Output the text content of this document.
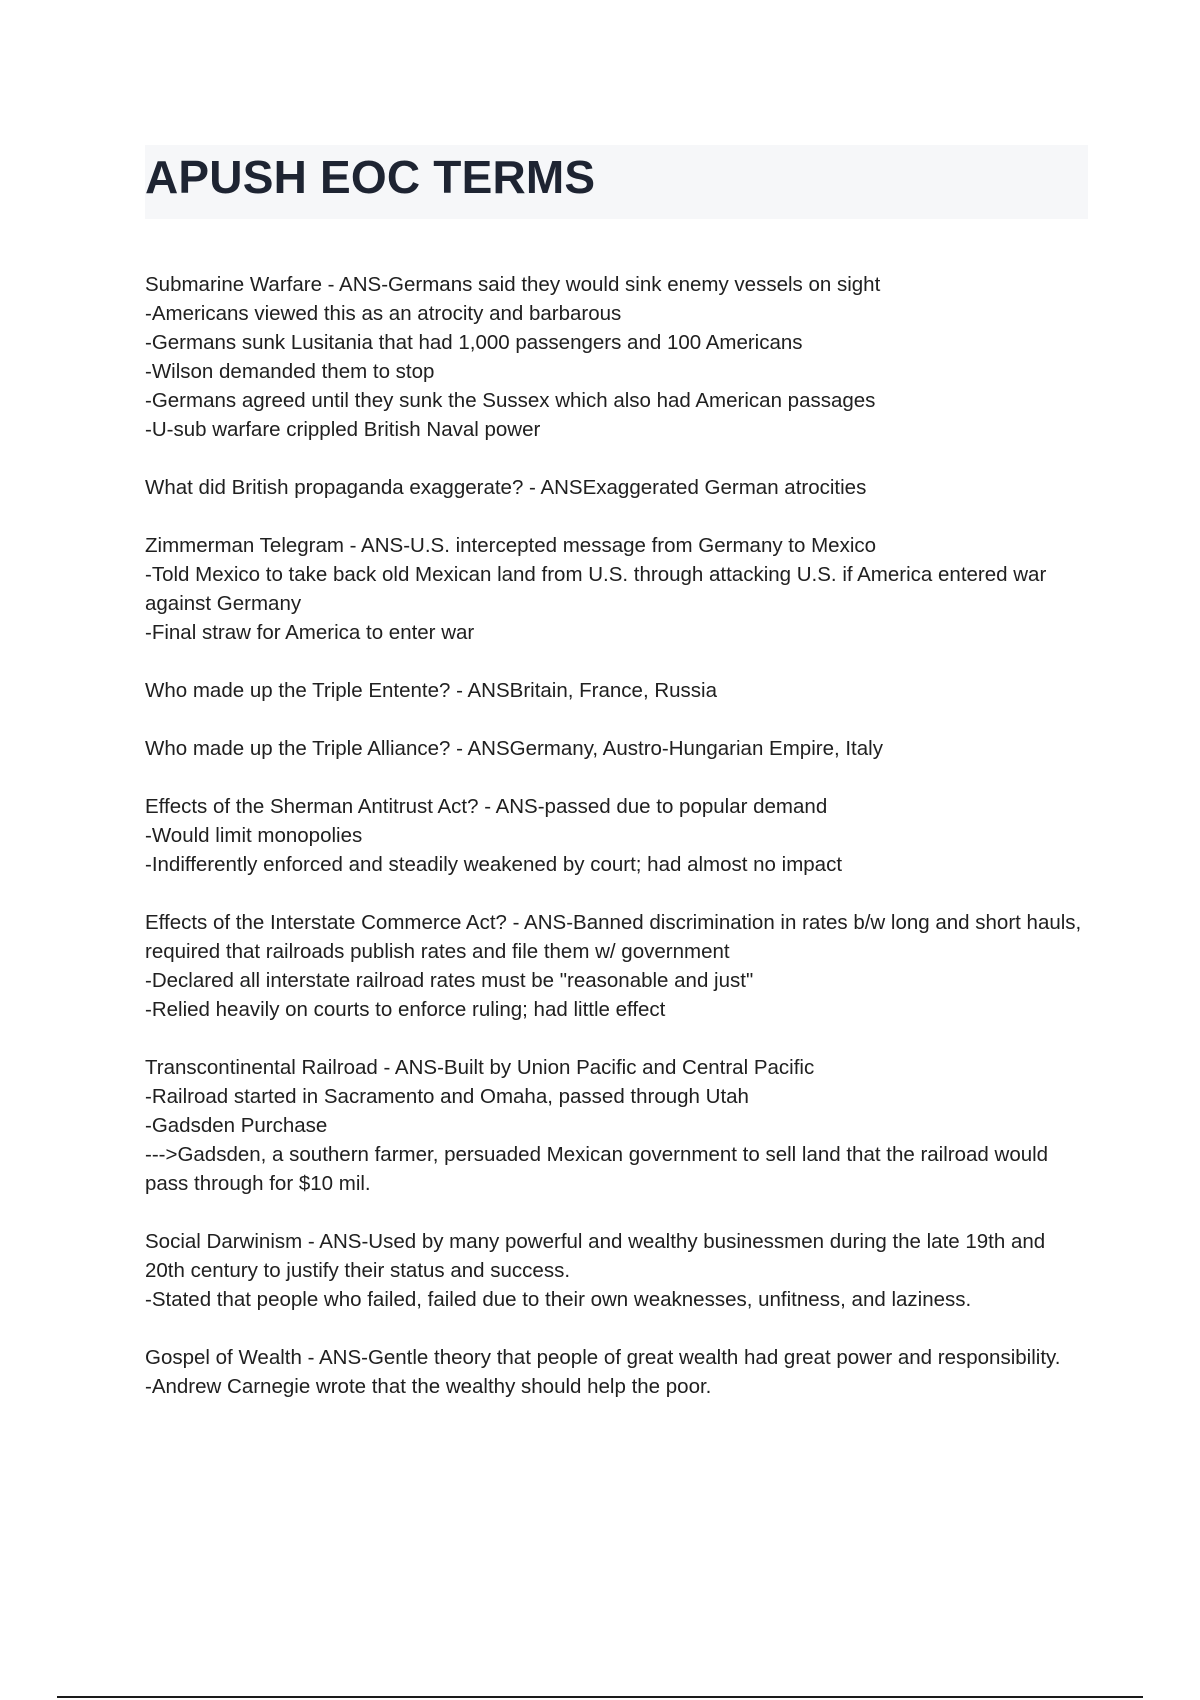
APUSH EOC TERMS
Submarine Warfare - ANS-Germans said they would sink enemy vessels on sight
-Americans viewed this as an atrocity and barbarous
-Germans sunk Lusitania that had 1,000 passengers and 100 Americans
-Wilson demanded them to stop
-Germans agreed until they sunk the Sussex which also had American passages
-U-sub warfare crippled British Naval power
What did British propaganda exaggerate? - ANSExaggerated German atrocities
Zimmerman Telegram - ANS-U.S. intercepted message from Germany to Mexico
-Told Mexico to take back old Mexican land from U.S. through attacking U.S. if America entered war against Germany
-Final straw for America to enter war
Who made up the Triple Entente? - ANSBritain, France, Russia
Who made up the Triple Alliance? - ANSGermany, Austro-Hungarian Empire, Italy
Effects of the Sherman Antitrust Act? - ANS-passed due to popular demand
-Would limit monopolies
-Indifferently enforced and steadily weakened by court; had almost no impact
Effects of the Interstate Commerce Act? - ANS-Banned discrimination in rates b/w long and short hauls, required that railroads publish rates and file them w/ government
-Declared all interstate railroad rates must be "reasonable and just"
-Relied heavily on courts to enforce ruling; had little effect
Transcontinental Railroad - ANS-Built by Union Pacific and Central Pacific
-Railroad started in Sacramento and Omaha, passed through Utah
-Gadsden Purchase
--->Gadsden, a southern farmer, persuaded Mexican government to sell land that the railroad would pass through for $10 mil.
Social Darwinism - ANS-Used by many powerful and wealthy businessmen during the late 19th and 20th century to justify their status and success.
-Stated that people who failed, failed due to their own weaknesses, unfitness, and laziness.
Gospel of Wealth - ANS-Gentle theory that people of great wealth had great power and responsibility.
-Andrew Carnegie wrote that the wealthy should help the poor.
